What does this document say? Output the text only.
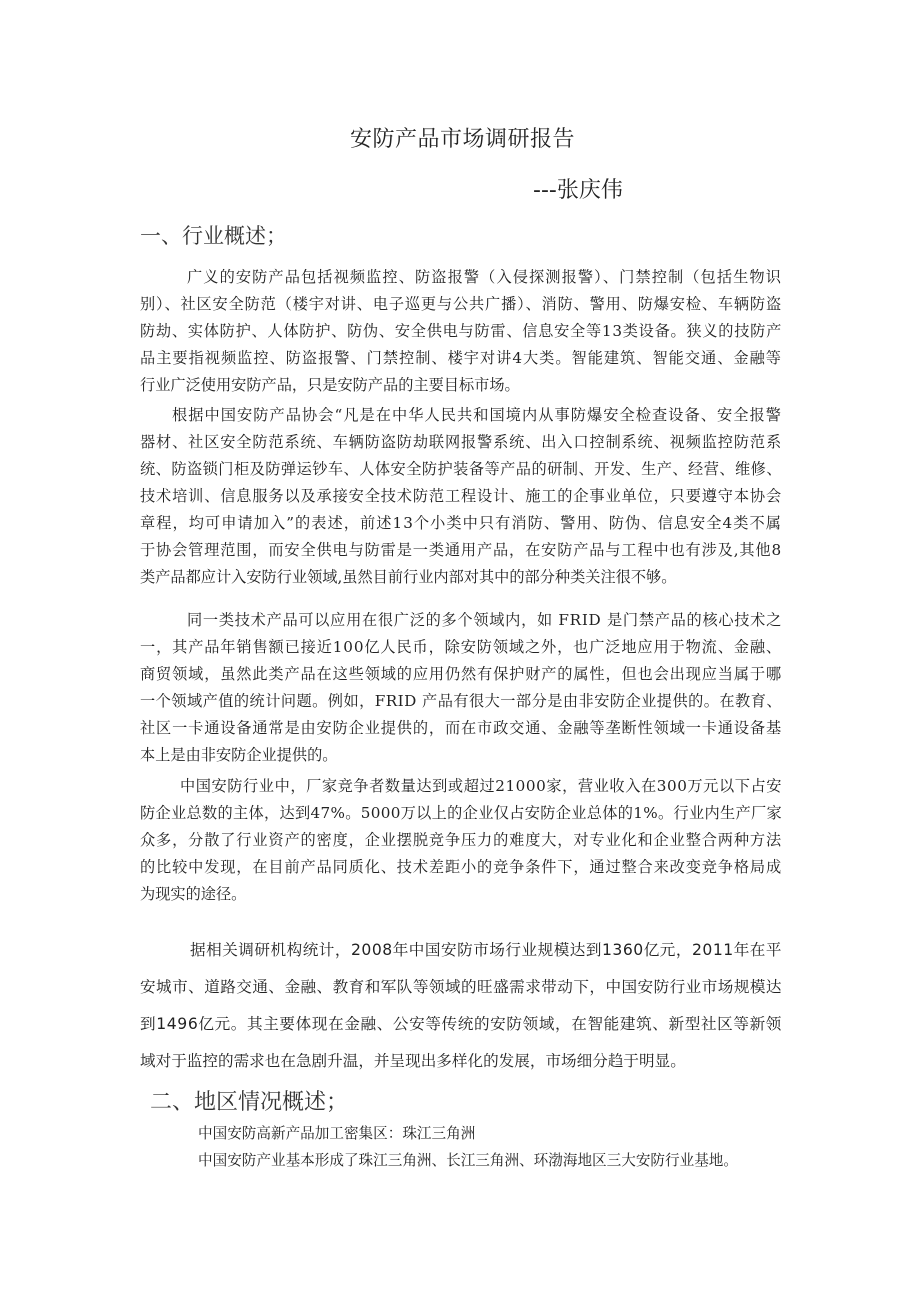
安防产品市场调研报告
---张庆伟
一、行业概述；
广义的安防产品包括视频监控、防盗报警（入侵探测报警）、门禁控制（包括生物识
别）、社区安全防范（楼宇对讲、电子巡更与公共广播）、消防、警用、防爆安检、车辆防盗
防劫、实体防护、人体防护、防伪、安全供电与防雷、信息安全等13类设备。狭义的技防产
品主要指视频监控、防盗报警、门禁控制、楼宇对讲4大类。智能建筑、智能交通、金融等
行业广泛使用安防产品，只是安防产品的主要目标市场。
根据中国安防产品协会“凡是在中华人民共和国境内从事防爆安全检查设备、安全报警
器材、社区安全防范系统、车辆防盗防劫联网报警系统、出入口控制系统、视频监控防范系
统、防盗锁门柜及防弹运钞车、人体安全防护装备等产品的研制、开发、生产、经营、维修、
技术培训、信息服务以及承接安全技术防范工程设计、施工的企事业单位，只要遵守本协会
章程，均可申请加入”的表述，前述13个小类中只有消防、警用、防伪、信息安全4类不属
于协会管理范围，而安全供电与防雷是一类通用产品，在安防产品与工程中也有涉及,其他8
类产品都应计入安防行业领域,虽然目前行业内部对其中的部分种类关注很不够。
同一类技术产品可以应用在很广泛的多个领域内，如 FRID 是门禁产品的核心技术之
一，其产品年销售额已接近100亿人民币，除安防领域之外，也广泛地应用于物流、金融、
商贸领域，虽然此类产品在这些领域的应用仍然有保护财产的属性，但也会出现应当属于哪
一个领域产值的统计问题。例如，FRID 产品有很大一部分是由非安防企业提供的。在教育、
社区一卡通设备通常是由安防企业提供的，而在市政交通、金融等垄断性领域一卡通设备基
本上是由非安防企业提供的。
中国安防行业中，厂家竞争者数量达到或超过21000家，营业收入在300万元以下占安
防企业总数的主体，达到47%。5000万以上的企业仅占安防企业总体的1%。行业内生产厂家
众多，分散了行业资产的密度，企业摆脱竞争压力的难度大，对专业化和企业整合两种方法
的比较中发现，在目前产品同质化、技术差距小的竞争条件下，通过整合来改变竞争格局成
为现实的途径。
据相关调研机构统计，2008年中国安防市场行业规模达到1360亿元，2011年在平
安城市、道路交通、金融、教育和军队等领域的旺盛需求带动下，中国安防行业市场规模达
到1496亿元。其主要体现在金融、公安等传统的安防领域，在智能建筑、新型社区等新领
域对于监控的需求也在急剧升温，并呈现出多样化的发展，市场细分趋于明显。
二、地区情况概述；
中国安防高新产品加工密集区：珠江三角洲
中国安防产业基本形成了珠江三角洲、长江三角洲、环渤海地区三大安防行业基地。
